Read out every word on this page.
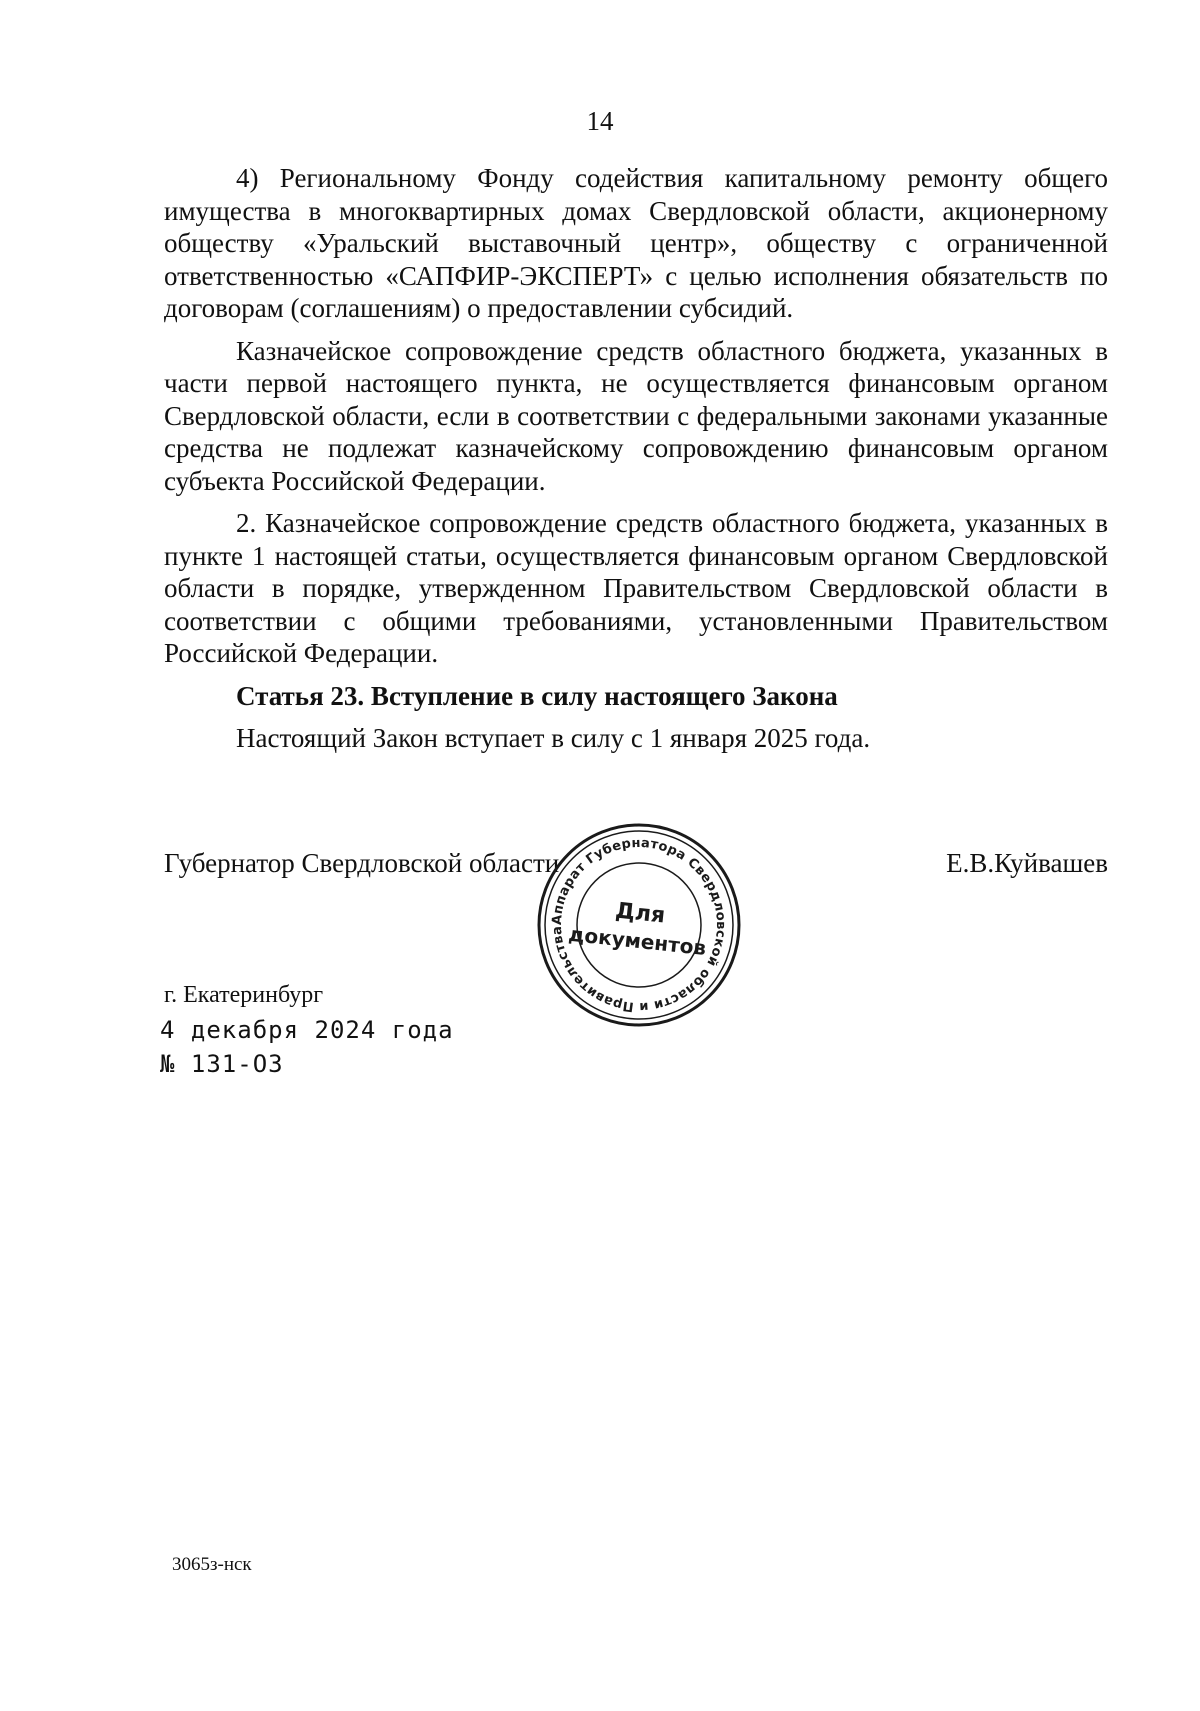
14

4) Региональному Фонду содействия капитальному ремонту общего имущества в многоквартирных домах Свердловской области, акционерному обществу «Уральский выставочный центр», обществу с ограниченной ответственностью «САПФИР-ЭКСПЕРТ» с целью исполнения обязательств по договорам (соглашениям) о предоставлении субсидий.

Казначейское сопровождение средств областного бюджета, указанных в части первой настоящего пункта, не осуществляется финансовым органом Свердловской области, если в соответствии с федеральными законами указанные средства не подлежат казначейскому сопровождению финансовым органом субъекта Российской Федерации.

2. Казначейское сопровождение средств областного бюджета, указанных в пункте 1 настоящей статьи, осуществляется финансовым органом Свердловской области в порядке, утвержденном Правительством Свердловской области в соответствии с общими требованиями, установленными Правительством Российской Федерации.

Статья 23. Вступление в силу настоящего Закона

Настоящий Закон вступает в силу с 1 января 2025 года.

Губернатор Свердловской области	Е.В.Куйвашев
Аппарат Губернатора Свердловской области и Правительства
Для
документов
г. Екатеринбург
4 декабря 2024 года
№ 131-ОЗ
3065з-нск
